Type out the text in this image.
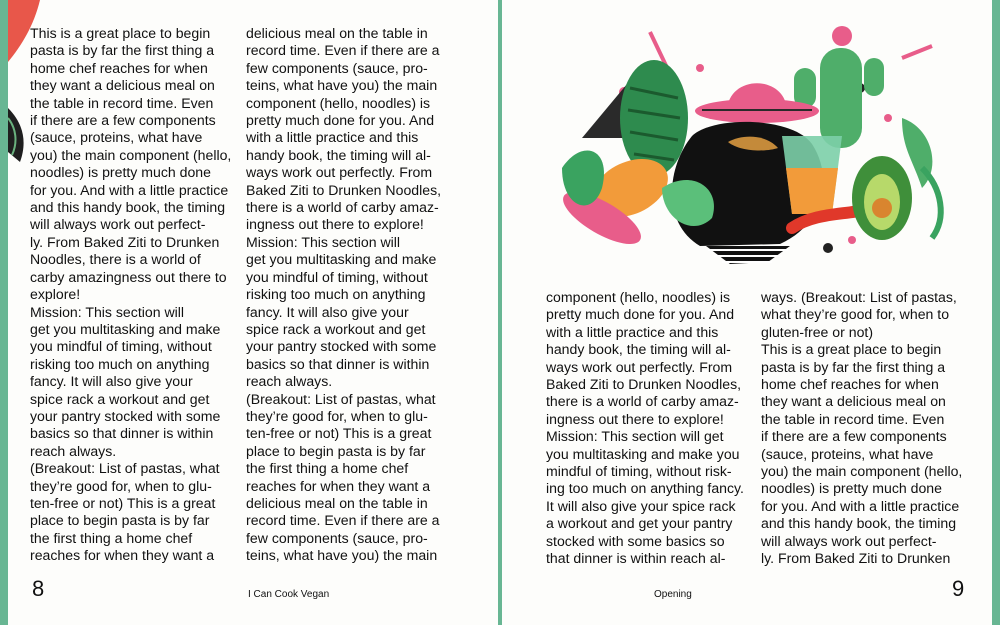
This is a great place to begin
pasta is by far the first thing a
home chef reaches for when
they want a delicious meal on
the table in record time. Even
if there are a few components
(sauce, proteins, what have
you) the main component (hello,
noodles) is pretty much done
for you. And with a little practice
and this handy book, the timing
will always work out perfect-
ly. From Baked Ziti to Drunken
Noodles, there is a world of
carby amazingness out there to
explore!
Mission: This section will
get you multitasking and make
you mindful of timing, without
risking too much on anything
fancy. It will also give your
spice rack a workout and get
your pantry stocked with some
basics so that dinner is within
reach always.
(Breakout: List of pastas, what
they’re good for, when to glu-
ten-free or not) This is a great
place to begin pasta is by far
the first thing a home chef
reaches for when they want a
delicious meal on the table in
record time. Even if there are a
few components (sauce, pro-
teins, what have you) the main
component (hello, noodles) is
pretty much done for you. And
with a little practice and this
handy book, the timing will al-
ways work out perfectly. From
Baked Ziti to Drunken Noodles,
there is a world of carby amaz-
ingness out there to explore!
Mission: This section will
get you multitasking and make
you mindful of timing, without
risking too much on anything
fancy. It will also give your
spice rack a workout and get
your pantry stocked with some
basics so that dinner is within
reach always.
(Breakout: List of pastas, what
they’re good for, when to glu-
ten-free or not) This is a great
place to begin pasta is by far
the first thing a home chef
reaches for when they want a
delicious meal on the table in
record time. Even if there are a
few components (sauce, pro-
teins, what have you) the main
8	I Can Cook Vegan
component (hello, noodles) is
pretty much done for you. And
with a little practice and this
handy book, the timing will al-
ways work out perfectly. From
Baked Ziti to Drunken Noodles,
there is a world of carby amaz-
ingness out there to explore!
Mission: This section will get
you multitasking and make you
mindful of timing, without risk-
ing too much on anything fancy.
It will also give your spice rack
a workout and get your pantry
stocked with some basics so
that dinner is within reach al-
ways. (Breakout: List of pastas,
what they’re good for, when to
gluten-free or not)
This is a great place to begin
pasta is by far the first thing a
home chef reaches for when
they want a delicious meal on
the table in record time. Even
if there are a few components
(sauce, proteins, what have
you) the main component (hello,
noodles) is pretty much done
for you. And with a little practice
and this handy book, the timing
will always work out perfect-
ly. From Baked Ziti to Drunken
Opening	9
